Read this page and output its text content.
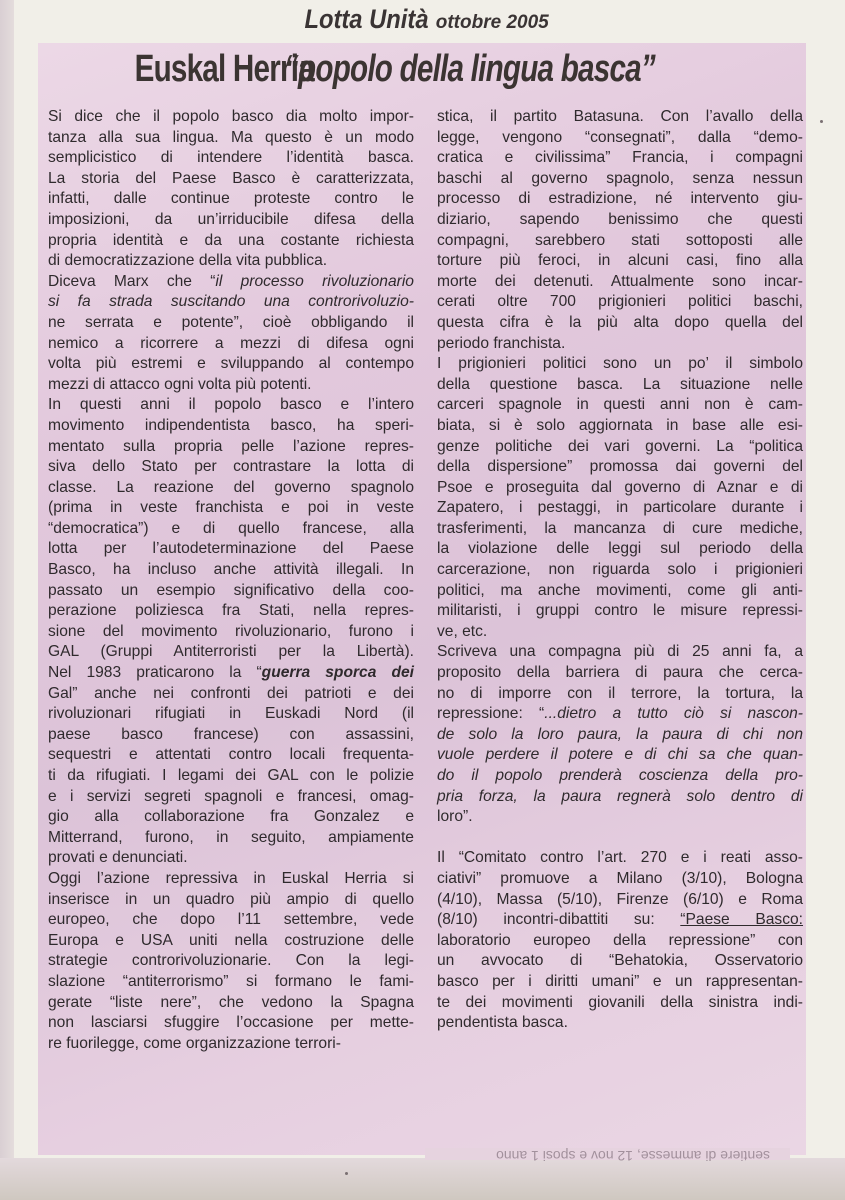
Lotta Unità ottobre 2005
Euskal Herria “popolo della lingua basca”
Si dice che il popolo basco dia molto impor-
tanza alla sua lingua. Ma questo è un modo
semplicistico di intendere l’identità basca.
La storia del Paese Basco è caratterizzata,
infatti, dalle continue proteste contro le
imposizioni, da un’irriducibile difesa della
propria identità e da una costante richiesta
di democratizzazione della vita pubblica.
Diceva Marx che “il processo rivoluzionario
si fa strada suscitando una controrivoluzio-
ne serrata e potente”, cioè obbligando il
nemico a ricorrere a mezzi di difesa ogni
volta più estremi e sviluppando al contempo
mezzi di attacco ogni volta più potenti.
In questi anni il popolo basco e l’intero
movimento indipendentista basco, ha speri-
mentato sulla propria pelle l’azione repres-
siva dello Stato per contrastare la lotta di
classe. La reazione del governo spagnolo
(prima in veste franchista e poi in veste
“democratica”) e di quello francese, alla
lotta per l’autodeterminazione del Paese
Basco, ha incluso anche attività illegali. In
passato un esempio significativo della coo-
perazione poliziesca fra Stati, nella repres-
sione del movimento rivoluzionario, furono i
GAL (Gruppi Antiterroristi per la Libertà).
Nel 1983 praticarono la “guerra sporca dei
Gal” anche nei confronti dei patrioti e dei
rivoluzionari rifugiati in Euskadi Nord (il
paese basco francese) con assassini,
sequestri e attentati contro locali frequenta-
ti da rifugiati. I legami dei GAL con le polizie
e i servizi segreti spagnoli e francesi, omag-
gio alla collaborazione fra Gonzalez e
Mitterrand, furono, in seguito, ampiamente
provati e denunciati.
Oggi l’azione repressiva in Euskal Herria si
inserisce in un quadro più ampio di quello
europeo, che dopo l’11 settembre, vede
Europa e USA uniti nella costruzione delle
strategie controrivoluzionarie. Con la legi-
slazione “antiterrorismo” si formano le fami-
gerate “liste nere”, che vedono la Spagna
non lasciarsi sfuggire l’occasione per mette-
re fuorilegge, come organizzazione terrori-
stica, il partito Batasuna. Con l’avallo della
legge, vengono “consegnati”, dalla “demo-
cratica e civilissima” Francia, i compagni
baschi al governo spagnolo, senza nessun
processo di estradizione, né intervento giu-
diziario, sapendo benissimo che questi
compagni, sarebbero stati sottoposti alle
torture più feroci, in alcuni casi, fino alla
morte dei detenuti. Attualmente sono incar-
cerati oltre 700 prigionieri politici baschi,
questa cifra è la più alta dopo quella del
periodo franchista.
I prigionieri politici sono un po’ il simbolo
della questione basca. La situazione nelle
carceri spagnole in questi anni non è cam-
biata, si è solo aggiornata in base alle esi-
genze politiche dei vari governi. La “politica
della dispersione” promossa dai governi del
Psoe e proseguita dal governo di Aznar e di
Zapatero, i pestaggi, in particolare durante i
trasferimenti, la mancanza di cure mediche,
la violazione delle leggi sul periodo della
carcerazione, non riguarda solo i prigionieri
politici, ma anche movimenti, come gli anti-
militaristi, i gruppi contro le misure repressi-
ve, etc.
Scriveva una compagna più di 25 anni fa, a
proposito della barriera di paura che cerca-
no di imporre con il terrore, la tortura, la
repressione: “...dietro a tutto ciò si nascon-
de solo la loro paura, la paura di chi non
vuole perdere il potere e di chi sa che quan-
do il popolo prenderà coscienza della pro-
pria forza, la paura regnerà solo dentro di
loro”.
Il “Comitato contro l’art. 270 e i reati asso-
ciativi” promuove a Milano (3/10), Bologna
(4/10), Massa (5/10), Firenze (6/10) e Roma
(8/10) incontri-dibattiti su: “Paese Basco:
laboratorio europeo della repressione” con
un avvocato di “Behatokia, Osservatorio
basco per i diritti umani” e un rappresentan-
te dei movimenti giovanili della sinistra indi-
pendentista basca.
sentiere di ammesse, 12 nov e sposi 1 anno
